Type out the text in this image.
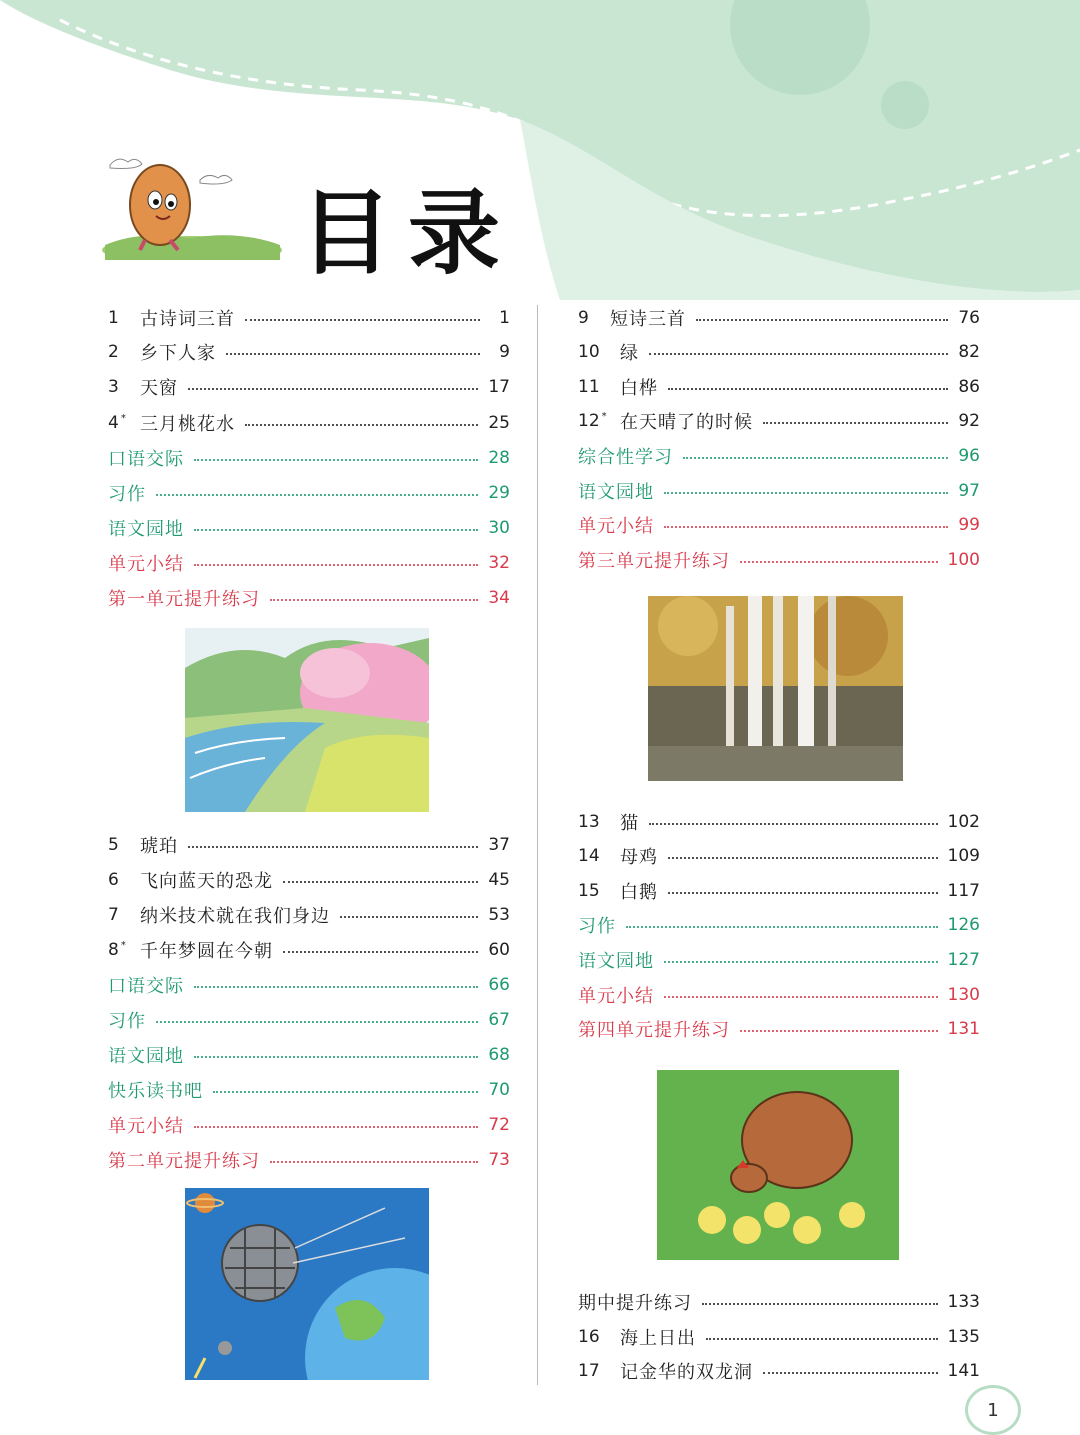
目录
1	古诗词三首	1
2	乡下人家	9
3	天窗	17
4 * 三月桃花水	25
口语交际	28
习作	29
语文园地	30
单元小结	32
第一单元提升练习	34
5	琥珀	37
6	飞向蓝天的恐龙	45
7	纳米技术就在我们身边	53
8 * 千年梦圆在今朝	60
口语交际	66
习作	67
语文园地	68
快乐读书吧	70
单元小结	72
第二单元提升练习	73
9	短诗三首	76
10	绿	82
11	白桦	86
12 * 在天晴了的时候	92
综合性学习	96
语文园地	97
单元小结	99
第三单元提升练习	100
13	猫	102
14	母鸡	109
15	白鹅	117
习作	126
语文园地	127
单元小结	130
第四单元提升练习	131
期中提升练习	133
16	海上日出	135
17	记金华的双龙洞	141
1
